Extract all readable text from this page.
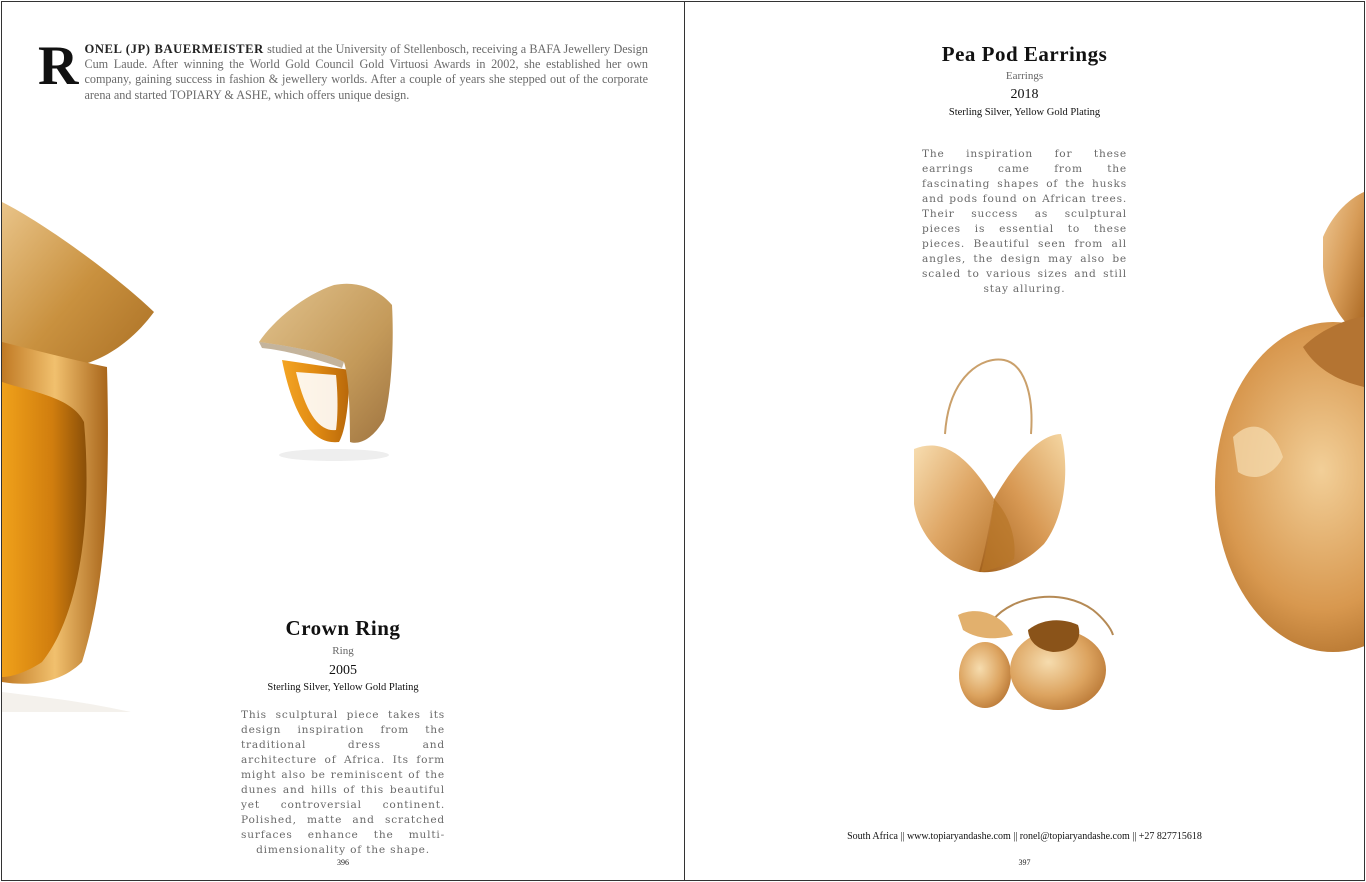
RONEL (JP) BAUERMEISTER studied at the University of Stellenbosch, receiving a BAFA Jewellery Design Cum Laude. After winning the World Gold Council Gold Virtuosi Awards in 2002, she established her own company, gaining success in fashion & jewellery worlds. After a couple of years she stepped out of the corporate arena and started TOPIARY & ASHE, which offers unique design.

Crown Ring
Ring
2005
Sterling Silver, Yellow Gold Plating

This sculptural piece takes its design inspiration from the traditional dress and architecture of Africa. Its form might also be reminiscent of the dunes and hills of this beautiful yet controversial continent. Polished, matte and scratched surfaces enhance the multi-dimensionality of the shape.

396
Pea Pod Earrings
Earrings
2018
Sterling Silver, Yellow Gold Plating

The inspiration for these earrings came from the fascinating shapes of the husks and pods found on African trees. Their success as sculptural pieces is essential to these pieces. Beautiful seen from all angles, the design may also be scaled to various sizes and still stay alluring.

South Africa || www.topiaryandashe.com || ronel@topiaryandashe.com || +27 827715618
397
